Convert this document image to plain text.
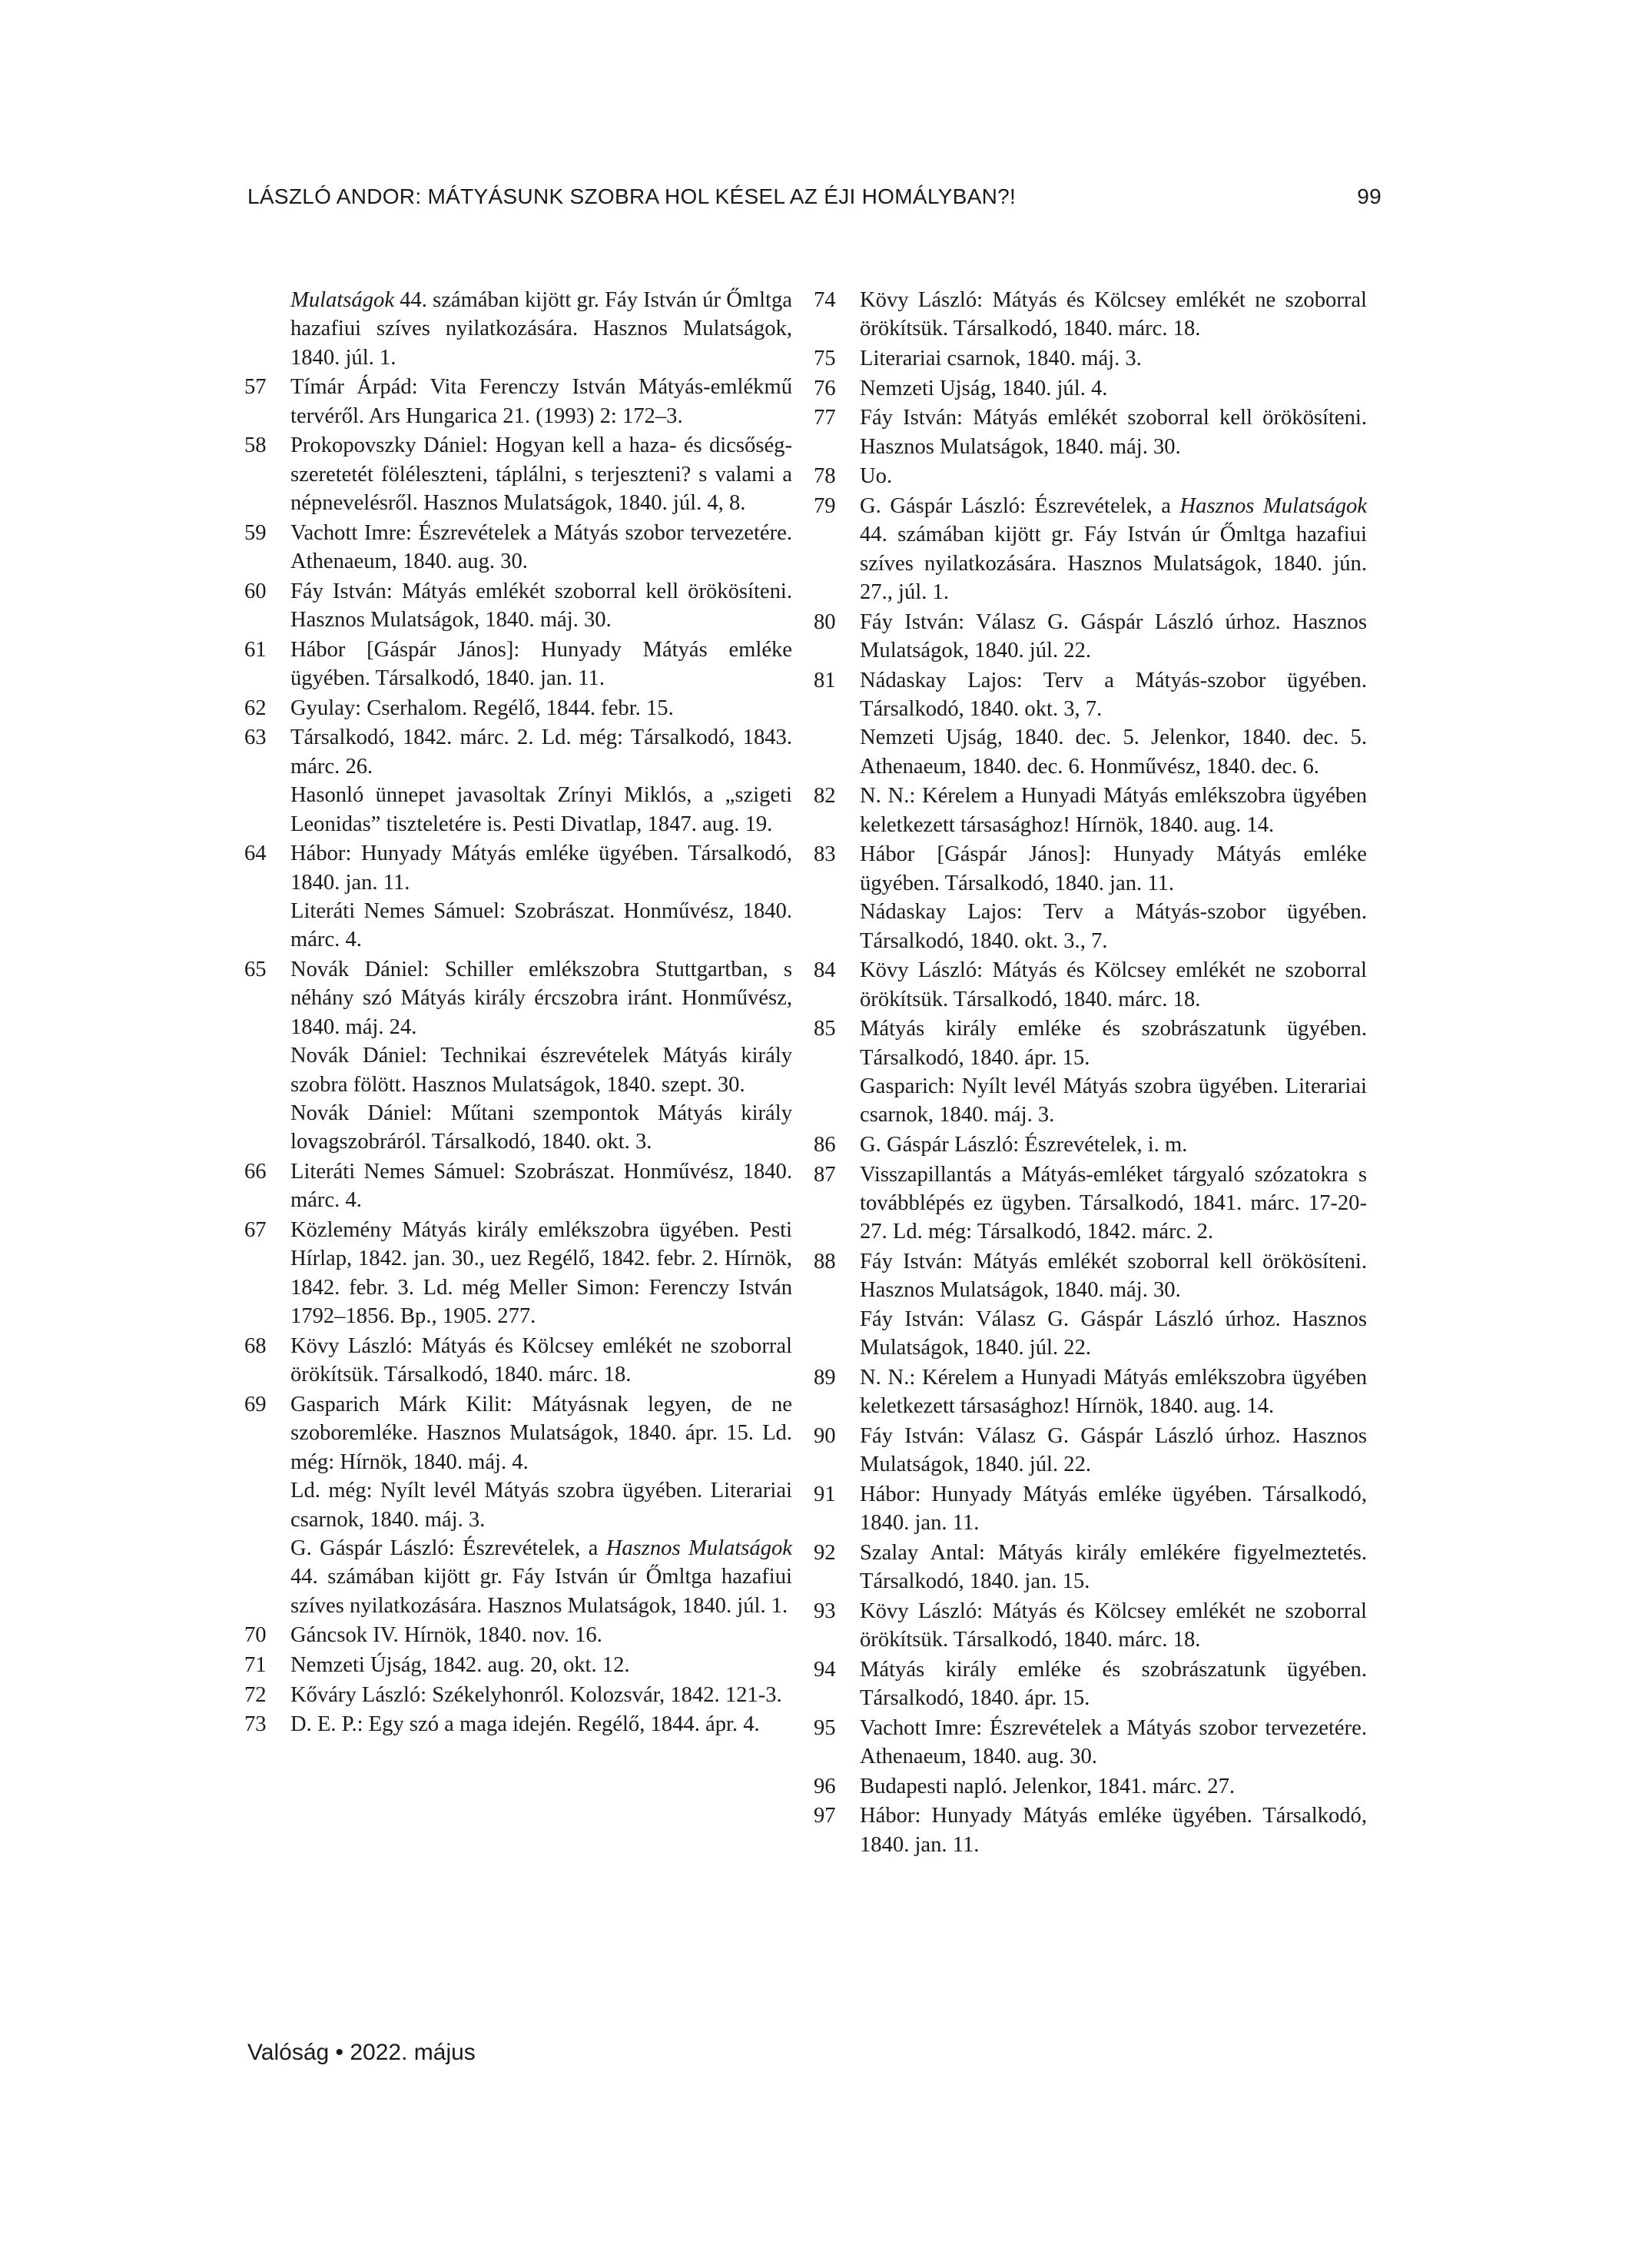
LÁSZLÓ ANDOR: MÁTYÁSUNK SZOBRA HOL KÉSEL AZ ÉJI HOMÁLYBAN?!	99
Mulatságok 44. számában kijött gr. Fáy István úr Őmltga hazafiui szíves nyilatkozására. Hasznos Mulatságok, 1840. júl. 1.
57	Tímár Árpád: Vita Ferenczy István Mátyás-emlékmű tervéről. Ars Hungarica 21. (1993) 2: 172–3.
58	Prokopovszky Dániel: Hogyan kell a haza- és dicsőség-szeretetét föléleszteni, táplálni, s terjeszteni? s valami a népnevelésről. Hasznos Mulatságok, 1840. júl. 4, 8.
59	Vachott Imre: Észrevételek a Mátyás szobor tervezetére. Athenaeum, 1840. aug. 30.
60	Fáy István: Mátyás emlékét szoborral kell örökösíteni. Hasznos Mulatságok, 1840. máj. 30.
61	Hábor [Gáspár János]: Hunyady Mátyás emléke ügyében. Társalkodó, 1840. jan. 11.
62	Gyulay: Cserhalom. Regélő, 1844. febr. 15.
63	Társalkodó, 1842. márc. 2. Ld. még: Társalkodó, 1843. márc. 26.
Hasonló ünnepet javasoltak Zrínyi Miklós, a „szigeti Leonidas” tiszteletére is. Pesti Divatlap, 1847. aug. 19.
64	Hábor: Hunyady Mátyás emléke ügyében. Társalkodó, 1840. jan. 11.
Literáti Nemes Sámuel: Szobrászat. Honművész, 1840. márc. 4.
65	Novák Dániel: Schiller emlékszobra Stuttgartban, s néhány szó Mátyás király ércszobra iránt. Honművész, 1840. máj. 24.
Novák Dániel: Technikai észrevételek Mátyás király szobra fölött. Hasznos Mulatságok, 1840. szept. 30.
Novák Dániel: Műtani szempontok Mátyás király lovagszobráról. Társalkodó, 1840. okt. 3.
66	Literáti Nemes Sámuel: Szobrászat. Honművész, 1840. márc. 4.
67	Közlemény Mátyás király emlékszobra ügyében. Pesti Hírlap, 1842. jan. 30., uez Regélő, 1842. febr. 2. Hírnök, 1842. febr. 3. Ld. még Meller Simon: Ferenczy István 1792–1856. Bp., 1905. 277.
68	Kövy László: Mátyás és Kölcsey emlékét ne szoborral örökítsük. Társalkodó, 1840. márc. 18.
69	Gasparich Márk Kilit: Mátyásnak legyen, de ne szoboremléke. Hasznos Mulatságok, 1840. ápr. 15. Ld. még: Hírnök, 1840. máj. 4.
Ld. még: Nyílt levél Mátyás szobra ügyében. Literariai csarnok, 1840. máj. 3.
G. Gáspár László: Észrevételek, a Hasznos Mulatságok 44. számában kijött gr. Fáy István úr Őmltga hazafiui szíves nyilatkozására. Hasznos Mulatságok, 1840. júl. 1.
70	Gáncsok IV. Hírnök, 1840. nov. 16.
71	Nemzeti Újság, 1842. aug. 20, okt. 12.
72	Kőváry László: Székelyhonról. Kolozsvár, 1842. 121-3.
73	D. E. P.: Egy szó a maga idején. Regélő, 1844. ápr. 4.
74	Kövy László: Mátyás és Kölcsey emlékét ne szoborral örökítsük. Társalkodó, 1840. márc. 18.
75	Literariai csarnok, 1840. máj. 3.
76	Nemzeti Ujság, 1840. júl. 4.
77	Fáy István: Mátyás emlékét szoborral kell örökösíteni. Hasznos Mulatságok, 1840. máj. 30.
78	Uo.
79	G. Gáspár László: Észrevételek, a Hasznos Mulatságok 44. számában kijött gr. Fáy István úr Őmltga hazafiui szíves nyilatkozására. Hasznos Mulatságok, 1840. jún. 27., júl. 1.
80	Fáy István: Válasz G. Gáspár László úrhoz. Hasznos Mulatságok, 1840. júl. 22.
81	Nádaskay Lajos: Terv a Mátyás-szobor ügyében. Társalkodó, 1840. okt. 3, 7.
Nemzeti Ujság, 1840. dec. 5. Jelenkor, 1840. dec. 5. Athenaeum, 1840. dec. 6. Honművész, 1840. dec. 6.
82	N. N.: Kérelem a Hunyadi Mátyás emlékszobra ügyében keletkezett társasághoz! Hírnök, 1840. aug. 14.
83	Hábor [Gáspár János]: Hunyady Mátyás emléke ügyében. Társalkodó, 1840. jan. 11.
Nádaskay Lajos: Terv a Mátyás-szobor ügyében. Társalkodó, 1840. okt. 3., 7.
84	Kövy László: Mátyás és Kölcsey emlékét ne szoborral örökítsük. Társalkodó, 1840. márc. 18.
85	Mátyás király emléke és szobrászatunk ügyében. Társalkodó, 1840. ápr. 15.
Gasparich: Nyílt levél Mátyás szobra ügyében. Literariai csarnok, 1840. máj. 3.
86	G. Gáspár László: Észrevételek, i. m.
87	Visszapillantás a Mátyás-emléket tárgyaló szózatokra s továbblépés ez ügyben. Társalkodó, 1841. márc. 17-20-27. Ld. még: Társalkodó, 1842. márc. 2.
88	Fáy István: Mátyás emlékét szoborral kell örökösíteni. Hasznos Mulatságok, 1840. máj. 30.
Fáy István: Válasz G. Gáspár László úrhoz. Hasznos Mulatságok, 1840. júl. 22.
89	N. N.: Kérelem a Hunyadi Mátyás emlékszobra ügyében keletkezett társasághoz! Hírnök, 1840. aug. 14.
90	Fáy István: Válasz G. Gáspár László úrhoz. Hasznos Mulatságok, 1840. júl. 22.
91	Hábor: Hunyady Mátyás emléke ügyében. Társalkodó, 1840. jan. 11.
92	Szalay Antal: Mátyás király emlékére figyelmeztetés. Társalkodó, 1840. jan. 15.
93	Kövy László: Mátyás és Kölcsey emlékét ne szoborral örökítsük. Társalkodó, 1840. márc. 18.
94	Mátyás király emléke és szobrászatunk ügyében. Társalkodó, 1840. ápr. 15.
95	Vachott Imre: Észrevételek a Mátyás szobor tervezetére. Athenaeum, 1840. aug. 30.
96	Budapesti napló. Jelenkor, 1841. márc. 27.
97	Hábor: Hunyady Mátyás emléke ügyében. Társalkodó, 1840. jan. 11.
Valóság • 2022. május
